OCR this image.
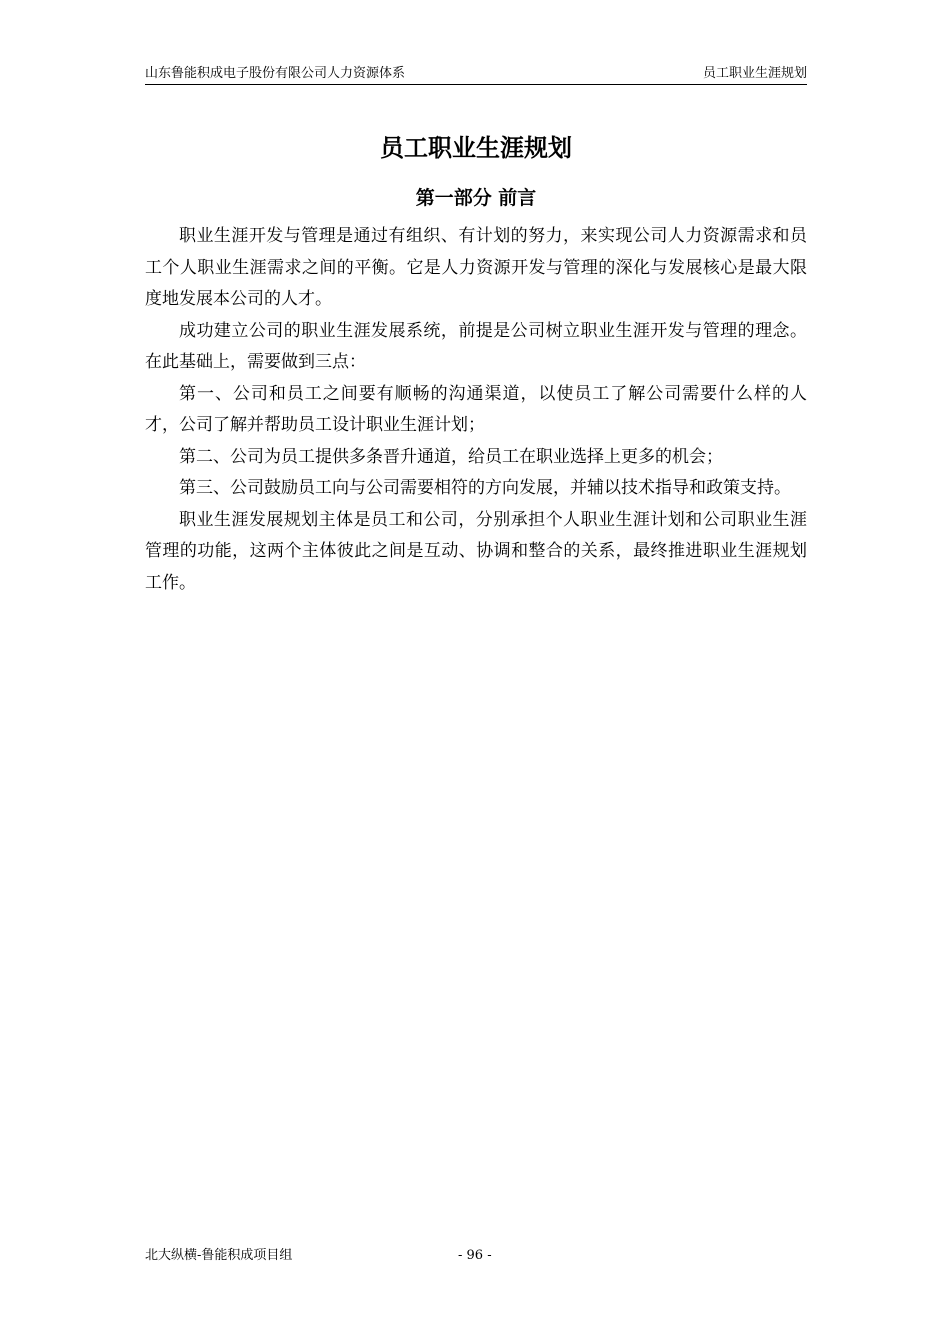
山东鲁能积成电子股份有限公司人力资源体系	员工职业生涯规划
员工职业生涯规划
第一部分 前言

职业生涯开发与管理是通过有组织、有计划的努力，来实现公司人力资源需求和员工个人职业生涯需求之间的平衡。它是人力资源开发与管理的深化与发展核心是最大限度地发展本公司的人才。

成功建立公司的职业生涯发展系统，前提是公司树立职业生涯开发与管理的理念。在此基础上，需要做到三点：

第一、公司和员工之间要有顺畅的沟通渠道，以使员工了解公司需要什么样的人才，公司了解并帮助员工设计职业生涯计划；

第二、公司为员工提供多条晋升通道，给员工在职业选择上更多的机会；

第三、公司鼓励员工向与公司需要相符的方向发展，并辅以技术指导和政策支持。

职业生涯发展规划主体是员工和公司，分别承担个人职业生涯计划和公司职业生涯管理的功能，这两个主体彼此之间是互动、协调和整合的关系，最终推进职业生涯规划工作。

北大纵横-鲁能积成项目组	- 96 -
